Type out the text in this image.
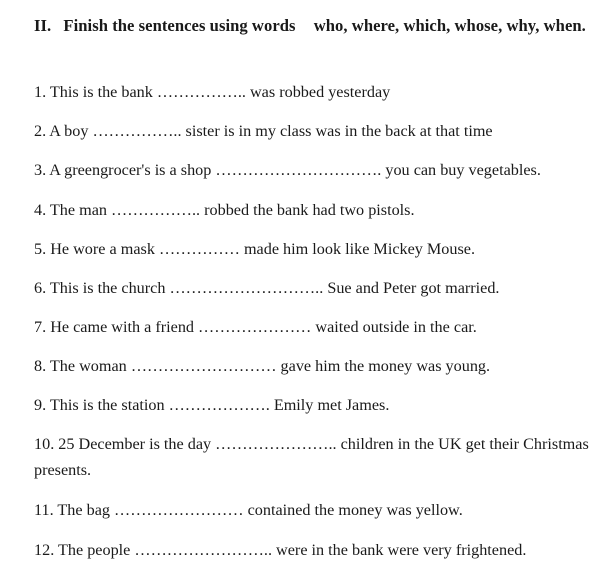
II. Finish the sentences using words who, where, which, whose, why, when.
1. This is the bank …………….. was robbed yesterday
2. A boy …………….. sister is in my class was in the back at that time
3. A greengrocer's is a shop …………………………. you can buy vegetables.
4. The man …………….. robbed the bank had two pistols.
5. He wore a mask …………… made him look like Mickey Mouse.
6. This is the church ……………………….. Sue and Peter got married.
7. He came with a friend ………………… waited outside in the car.
8. The woman ……………………… gave him the money was young.
9. This is the station ………………. Emily met James.
10. 25 December is the day ………………….. children in the UK get their Christmas presents.
11. The bag …………………… contained the money was yellow.
12. The people …………………….. were in the bank were very frightened.
